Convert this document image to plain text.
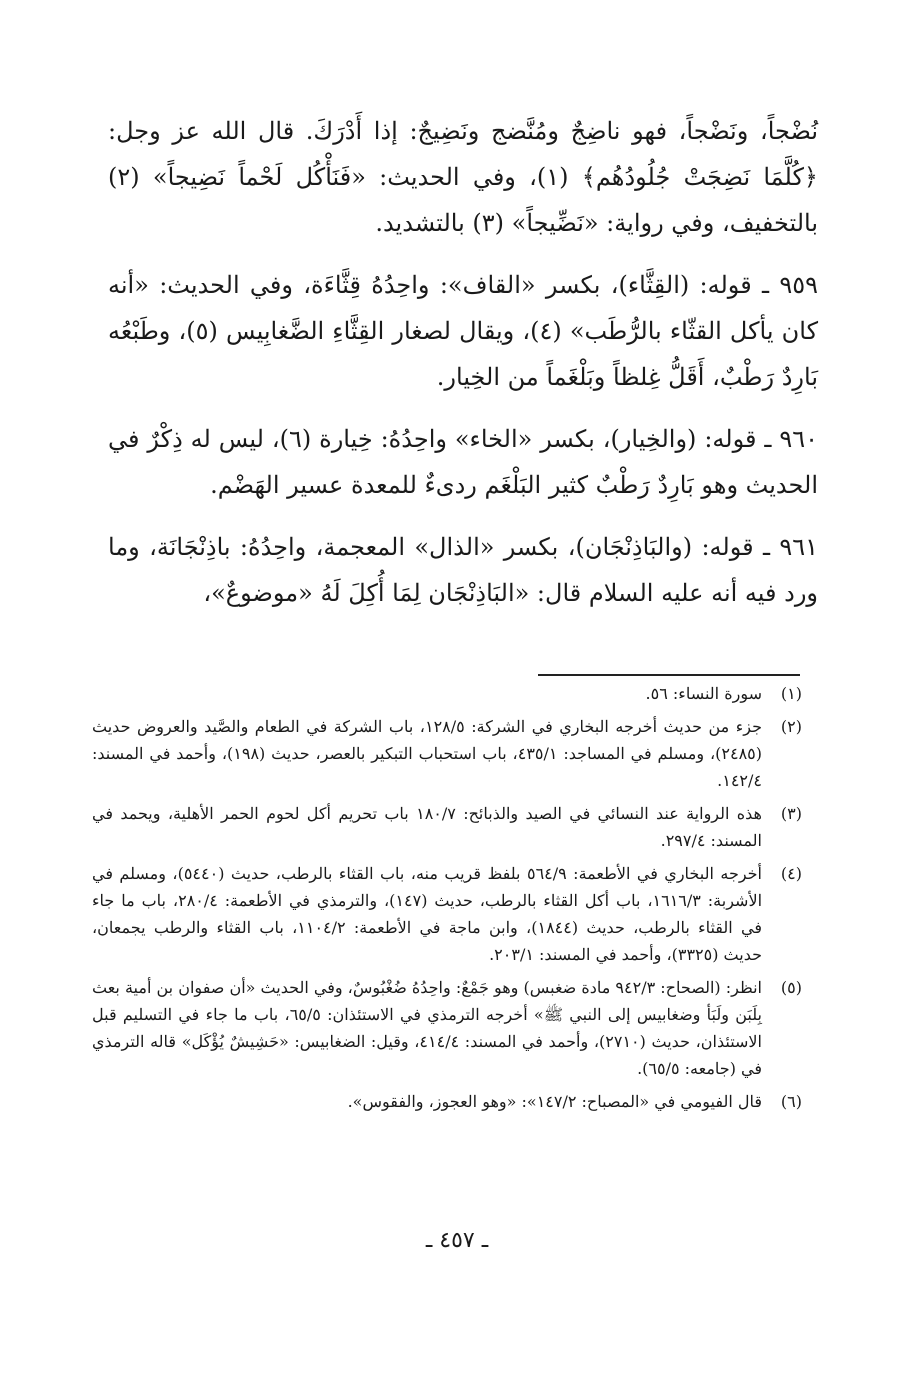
نُضْجاً، ونَضْجاً، فهو ناضِجٌ ومُنَّضج ونَضِيجٌ: إذا أَدْرَكَ. قال الله عز وجل: ﴿كُلَّمَا نَضِجَتْ جُلُودُهُم﴾ (١)، وفي الحديث: «فَنَأْكُل لَحْماً نَضِيجاً» (٢) بالتخفيف، وفي رواية: «نَضِّيجاً» (٣) بالتشديد.

٩٥٩ ـ قوله: (القِثَّاء)، بكسر «القاف»: واحِدُهُ قِثَّاءَة، وفي الحديث: «أنه كان يأكل القثّاء بالرُّطَب» (٤)، ويقال لصغار القِثَّاءِ الضَّغابِيس (٥)، وطَبْعُه بَارِدٌ رَطْبٌ، أَقَلُّ غِلظاً وبَلْغَماً من الخِيار.

٩٦٠ ـ قوله: (والخِيار)، بكسر «الخاء» واحِدُهُ: خِيارة (٦)، ليس له ذِكْرٌ في الحديث وهو بَارِدٌ رَطْبٌ كثير البَلْغَم ردىءٌ للمعدة عسير الهَضْم.

٩٦١ ـ قوله: (والبَاذِنْجَان)، بكسر «الذال» المعجمة، واحِدُهُ: باذِنْجَانَة، وما ورد فيه أنه عليه السلام قال: «البَاذِنْجَان لِمَا أُكِلَ لَهُ «موضوعٌ»،

(١)
سورة النساء: ٥٦.
(٢)
جزء من حديث أخرجه البخاري في الشركة: ١٢٨/٥، باب الشركة في الطعام والصَّيد والعروض حديث (٢٤٨٥)، ومسلم في المساجد: ٤٣٥/١، باب استحباب التبكير بالعصر، حديث (١٩٨)، وأحمد في المسند: ١٤٢/٤.
(٣)
هذه الرواية عند النسائي في الصيد والذبائح: ١٨٠/٧ باب تحريم أكل لحوم الحمر الأهلية، ويحمد في المسند: ٢٩٧/٤.
(٤)
أخرجه البخاري في الأطعمة: ٥٦٤/٩ بلفظ قريب منه، باب القثاء بالرطب، حديث (٥٤٤٠)، ومسلم في الأشربة: ١٦١٦/٣، باب أكل القثاء بالرطب، حديث (١٤٧)، والترمذي في الأطعمة: ٢٨٠/٤، باب ما جاء في القثاء بالرطب، حديث (١٨٤٤)، وابن ماجة في الأطعمة: ١١٠٤/٢، باب القثاء والرطب يجمعان، حديث (٣٣٢٥)، وأحمد في المسند: ٢٠٣/١.
(٥)
انظر: (الصحاح: ٩٤٢/٣ مادة ضغبس) وهو جَمْعٌ: واحِدُهُ ضُغْبُوسٌ، وفي الحديث «أن صفوان بن أمية بعث بِلَبَن ولَبَأ وضغابيس إلى النبي ﷺ» أخرجه الترمذي في الاستئذان: ٦٥/٥، باب ما جاء في التسليم قبل الاستئذان، حديث (٢٧١٠)، وأحمد في المسند: ٤١٤/٤، وقيل: الضغابيس: «حَشِيشٌ يُؤْكَل» قاله الترمذي في (جامعه: ٦٥/٥).
(٦)
قال الفيومي في «المصباح: ١٤٧/٢»: «وهو العجوز، والفقوس».
ـ ٤٥٧ ـ
